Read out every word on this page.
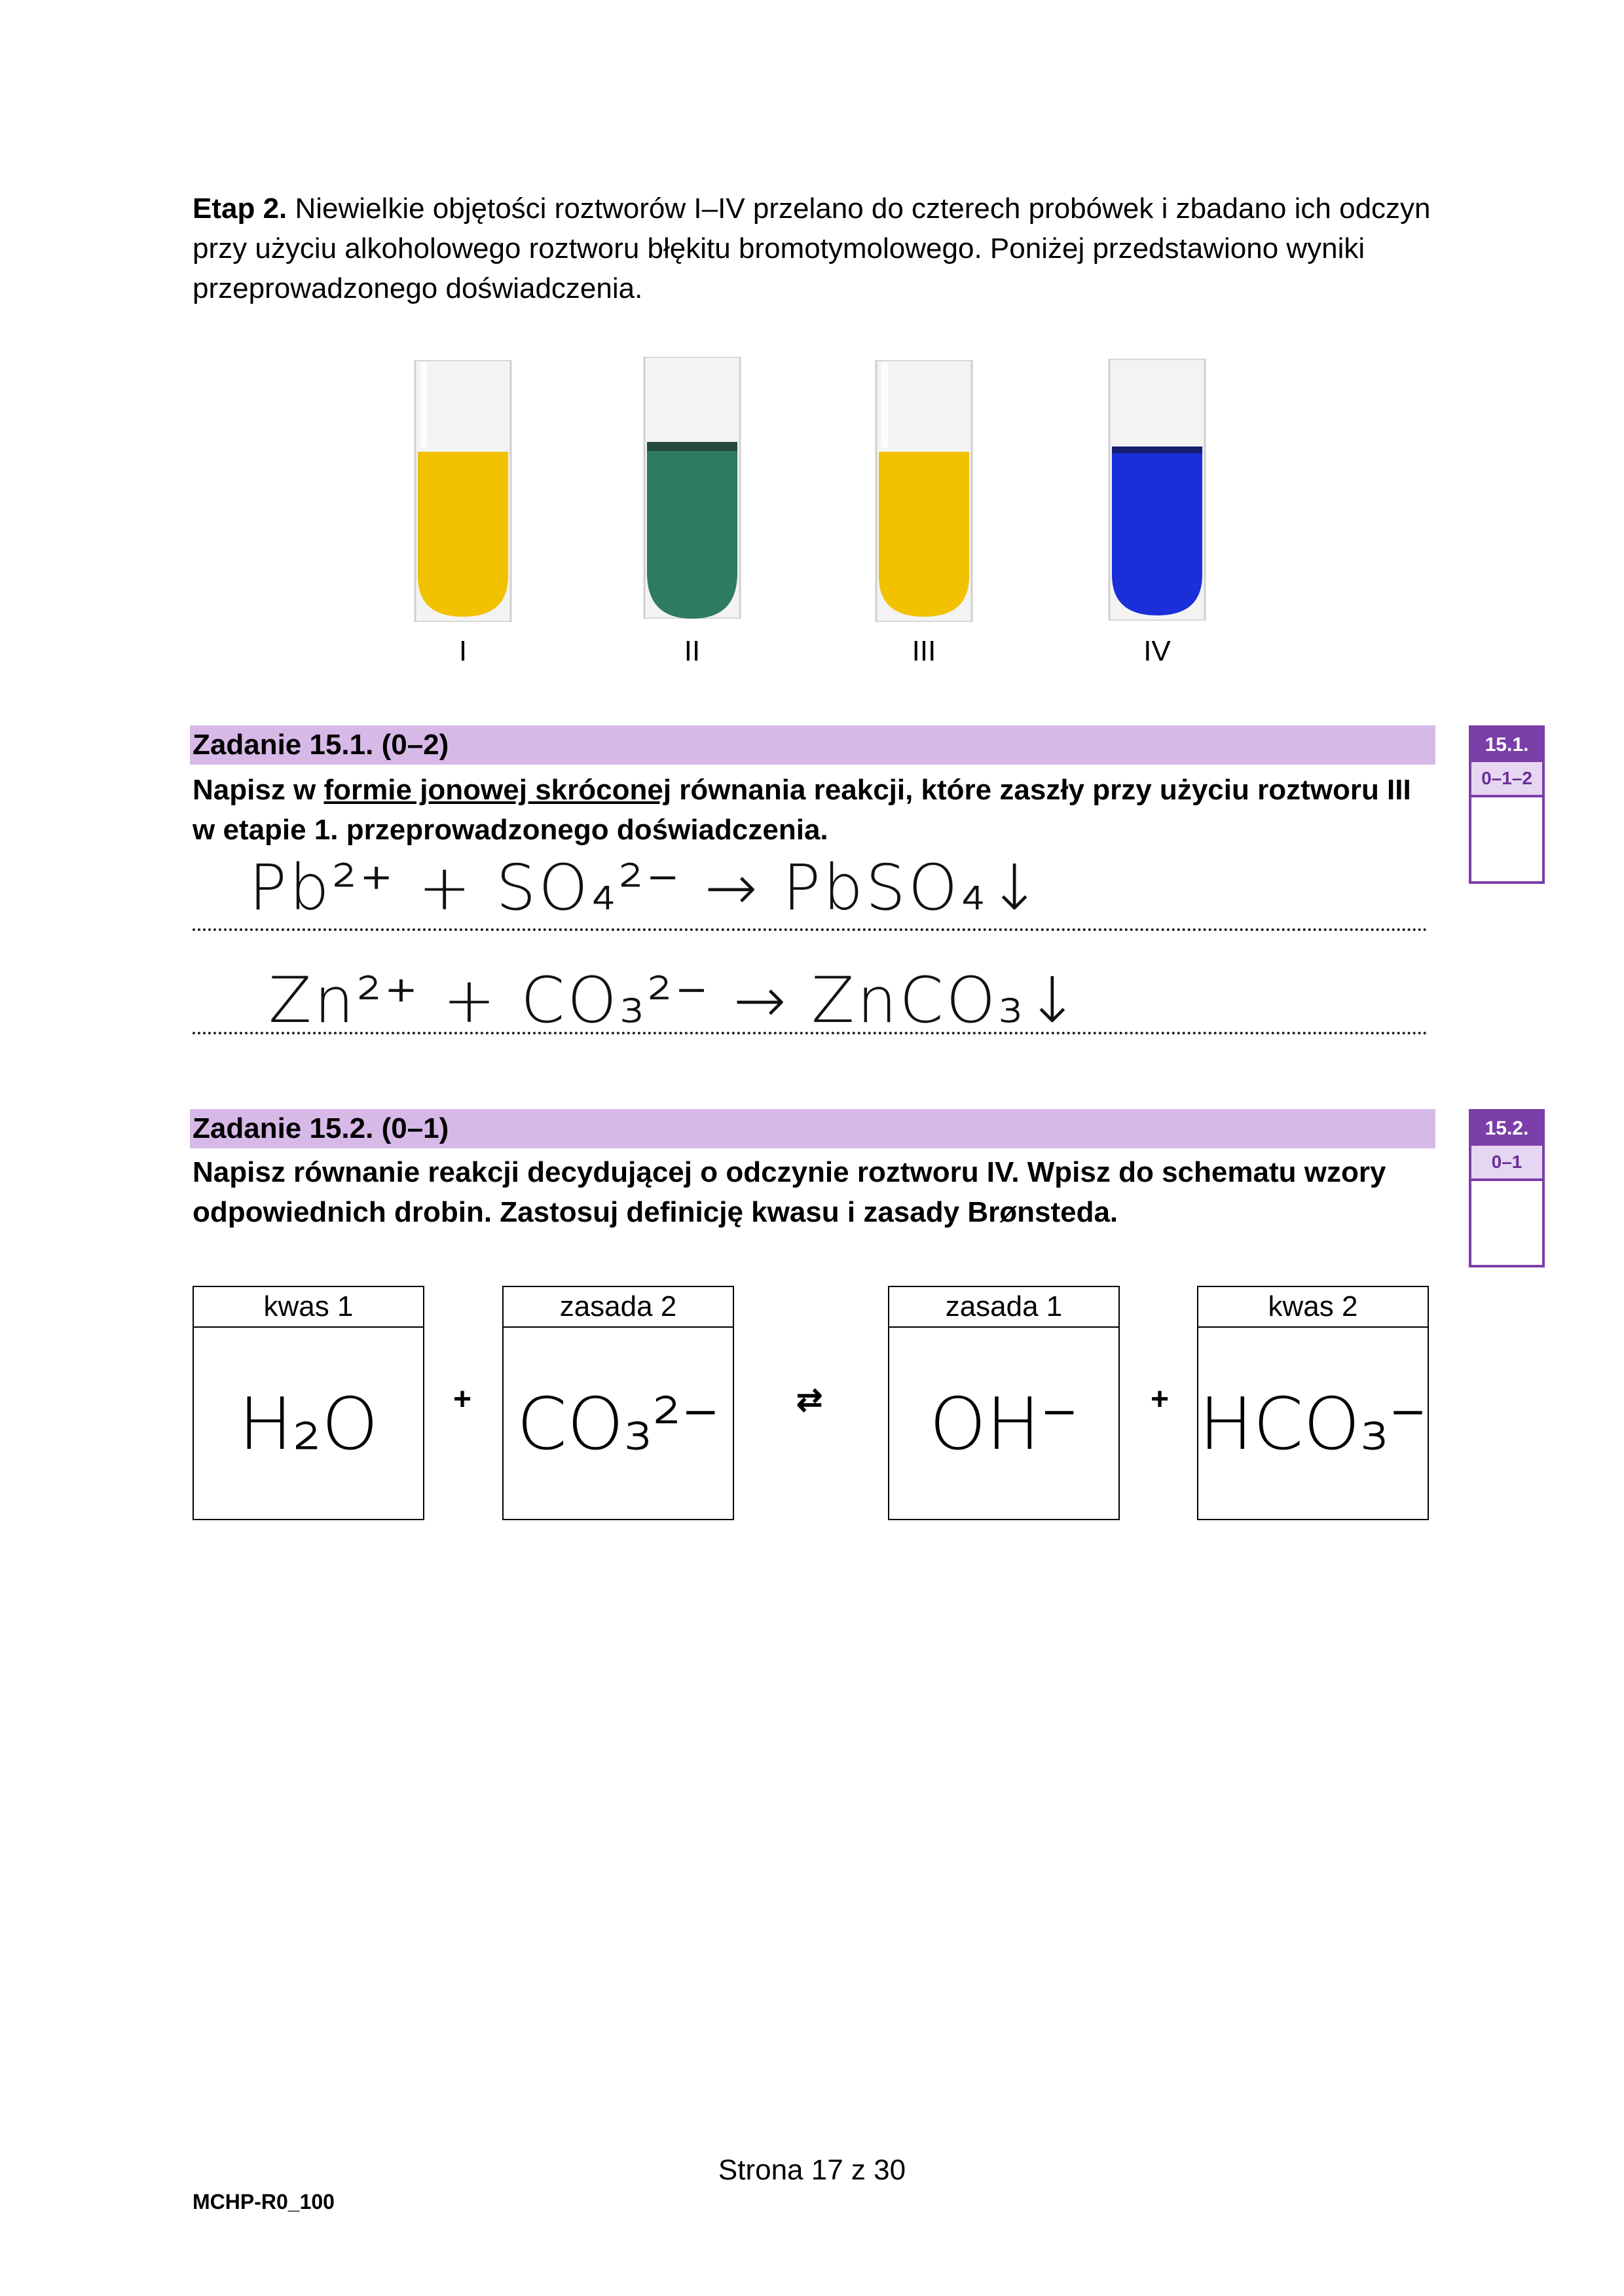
Etap 2. Niewielkie objętości roztworów I–IV przelano do czterech probówek i zbadano ich odczyn przy użyciu alkoholowego roztworu błękitu bromotymolowego. Poniżej przedstawiono wyniki przeprowadzonego doświadczenia.
I	II	III	IV
Zadanie 15.1. (0–2)
Napisz w formie jonowej skróconej równania reakcji, które zaszły przy użyciu roztworu III w etapie 1. przeprowadzonego doświadczenia.
15.1.
0–1–2
Pb²⁺ + SO₄²⁻ → PbSO₄↓
Zn²⁺ + CO₃²⁻ → ZnCO₃↓
Zadanie 15.2. (0–1)
Napisz równanie reakcji decydującej o odczynie roztworu IV. Wpisz do schematu wzory odpowiednich drobin. Zastosuj definicję kwasu i zasady Brønsteda.
15.2.
0–1
kwas 1
H₂O	+
zasada 2
CO₃²⁻	⇄
zasada 1
OH⁻	+
kwas 2
HCO₃⁻
Strona 17 z 30
MCHP-R0_100
